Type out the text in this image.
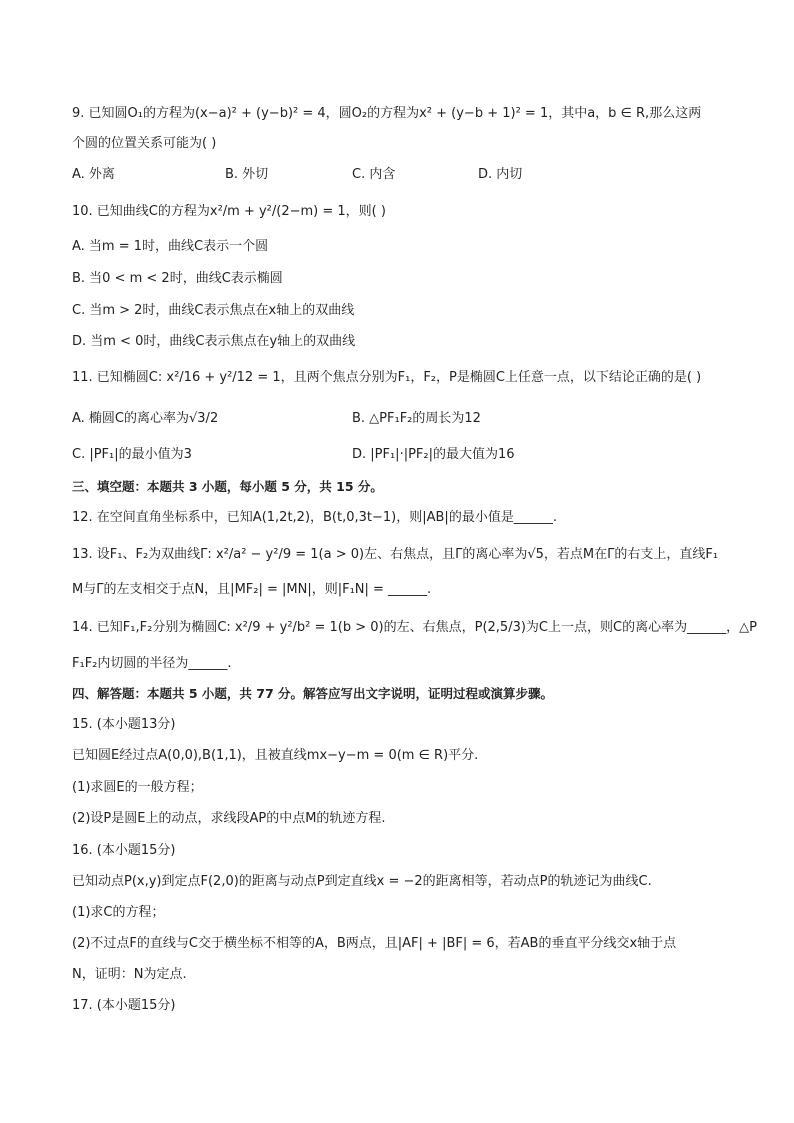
9. 已知圆O₁的方程为(x−a)² + (y−b)² = 4，圆O₂的方程为x² + (y−b + 1)² = 1，其中a，b ∈ R,那么这两
个圆的位置关系可能为( )
A. 外离	B. 外切	C. 内含	D. 内切
10. 已知曲线C的方程为x²/m + y²/(2−m) = 1，则( )
A. 当m = 1时，曲线C表示一个圆
B. 当0 < m < 2时，曲线C表示椭圆
C. 当m > 2时，曲线C表示焦点在x轴上的双曲线
D. 当m < 0时，曲线C表示焦点在y轴上的双曲线
11. 已知椭圆C: x²/16 + y²/12 = 1，且两个焦点分别为F₁，F₂，P是椭圆C上任意一点，以下结论正确的是( )
A. 椭圆C的离心率为√3/2	B. △PF₁F₂的周长为12
C. |PF₁|的最小值为3	D. |PF₁|·|PF₂|的最大值为16
三、填空题：本题共 3 小题，每小题 5 分，共 15 分。
12. 在空间直角坐标系中，已知A(1,2t,2)，B(t,0,3t−1)，则|AB|的最小值是______.
13. 设F₁、F₂为双曲线Γ: x²/a² − y²/9 = 1(a > 0)左、右焦点，且Γ的离心率为√5，若点M在Γ的右支上，直线F₁
M与Γ的左支相交于点N，且|MF₂| = |MN|，则|F₁N| = ______.
14. 已知F₁,F₂分别为椭圆C: x²/9 + y²/b² = 1(b > 0)的左、右焦点，P(2,5/3)为C上一点，则C的离心率为______，△P
F₁F₂内切圆的半径为______.
四、解答题：本题共 5 小题，共 77 分。解答应写出文字说明，证明过程或演算步骤。
15. (本小题13分)
已知圆E经过点A(0,0),B(1,1)，且被直线mx−y−m = 0(m ∈ R)平分.
(1)求圆E的一般方程；
(2)设P是圆E上的动点，求线段AP的中点M的轨迹方程.
16. (本小题15分)
已知动点P(x,y)到定点F(2,0)的距离与动点P到定直线x = −2的距离相等，若动点P的轨迹记为曲线C.
(1)求C的方程；
(2)不过点F的直线与C交于横坐标不相等的A，B两点，且|AF| + |BF| = 6，若AB的垂直平分线交x轴于点
N，证明：N为定点.
17. (本小题15分)
